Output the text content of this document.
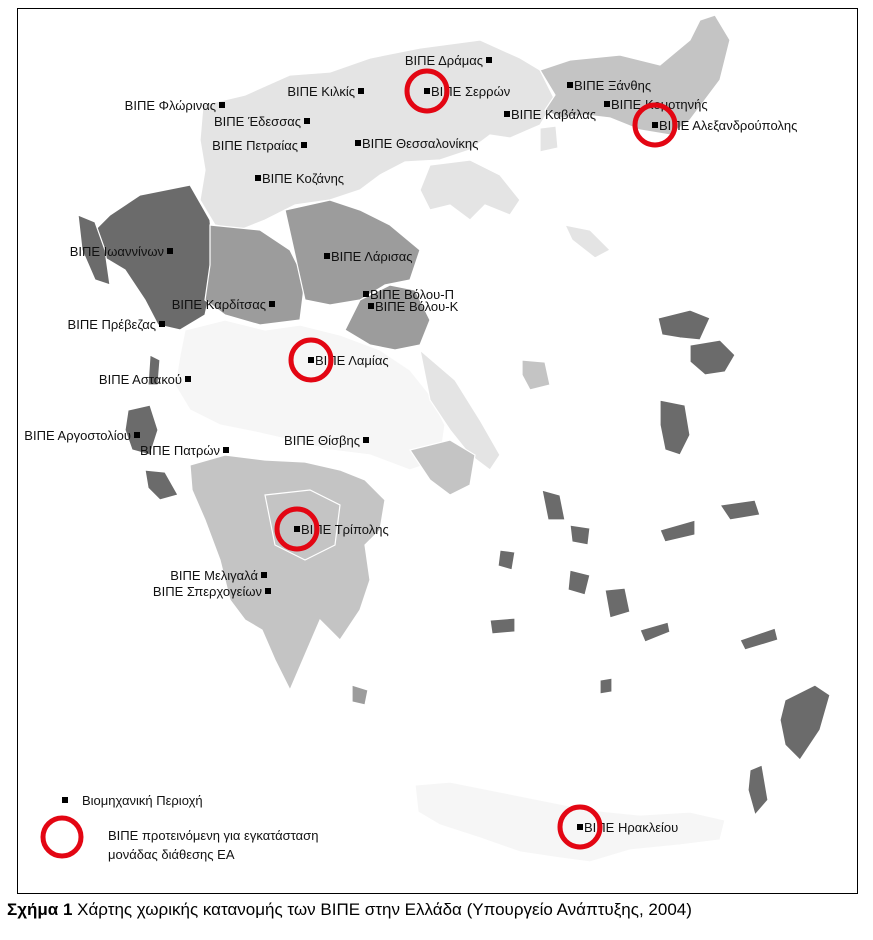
ΒΙΠΕ Δράμας
ΒΙΠΕ Σερρών
ΒΙΠΕ Κιλκίς	ΒΙΠΕ Ξάνθης
ΒΙΠΕ Κομοτηνής
ΒΙΠΕ Αλεξανδρούπολης
ΒΙΠΕ Καβάλας
ΒΙΠΕ Φλώρινας
ΒΙΠΕ Έδεσσας
ΒΙΠΕ Πετραίας	ΒΙΠΕ Θεσσαλονίκης
ΒΙΠΕ Κοζάνης
ΒΙΠΕ Ιωαννίνων	ΒΙΠΕ Λάρισας
ΒΙΠΕ Βόλου-Π
ΒΙΠΕ Βόλου-Κ
ΒΙΠΕ Καρδίτσας
ΒΙΠΕ Πρέβεζας
ΒΙΠΕ Λαμίας
ΒΙΠΕ Αστακού
ΒΙΠΕ Αργοστολίου	ΒΙΠΕ Θίσβης
ΒΙΠΕ Πατρών
ΒΙΠΕ Τρίπολης
ΒΙΠΕ Μελιγαλά
ΒΙΠΕ Σπερχογείων
ΒΙΠΕ Ηρακλείου
Βιομηχανική Περιοχή
ΒΙΠΕ προτεινόμενη για εγκατάσταση
μονάδας διάθεσης ΕΑ
Σχήμα 1 Χάρτης χωρικής κατανομής των ΒΙΠΕ στην Ελλάδα (Υπουργείο Ανάπτυξης, 2004)
